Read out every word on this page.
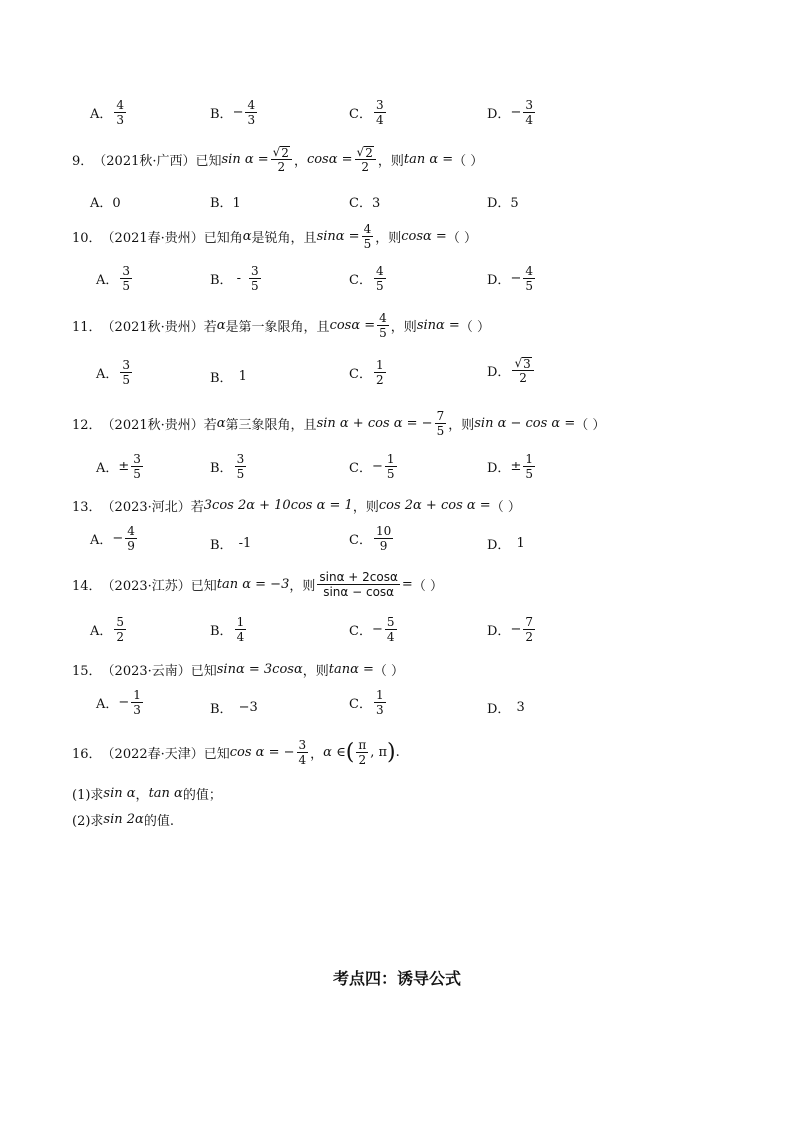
A． $\frac{4}{3}$	B． − $\frac{4}{3}$	C． $\frac{3}{4}$	D． − $\frac{3}{4}$
9． （2021秋·广西）已知 $\sin \alpha = \frac{√ 2}{2}$ ， $\cos\alpha = \frac{√ 2}{2}$ ，则 tan α = （ ）
A．0	B．1	C．3	D．5
10． （2021春·贵州）已知角 α 是锐角，且 $\sin\alpha = \frac{4}{5}$ ，则 cosα = （ ）
A． $\frac{3}{5}$	B． - $\frac{3}{5}$	C． $\frac{4}{5}$	D． − $\frac{4}{5}$
11． （2021秋·贵州）若 α 是第一象限角，且 $\cos\alpha = \frac{4}{5}$ ，则 sinα = （ ）
A． $\frac{3}{5}$	B． 1	C． $\frac{1}{2}$	D． $\frac{√ 3}{2}$
12． （2021秋·贵州）若 α 第三象限角，且 sin α + cos α = − $\frac{7}{5}$ ，则 sin α − cos α = （ ）
A． ± $\frac{3}{5}$	B． $\frac{3}{5}$	C． − $\frac{1}{5}$	D． ± $\frac{1}{5}$
13． （2023·河北）若 3cos 2α + 10cos α = 1 ，则 cos 2α + cos α = （ ）
A． − $\frac{4}{9}$	B． -1	C． $\frac{10}{9}$	D． 1
14． （2023·江苏）已知 tan α = −3 ，则 $\frac{\sin\alpha + 2\cos\alpha}{\sin\alpha - \cos\alpha}$ = （ ）
A． $\frac{5}{2}$	B． $\frac{1}{4}$	C． − $\frac{5}{4}$	D． − $\frac{7}{2}$
15． （2023·云南）已知 sinα = 3cosα ，则 tanα = （ ）
A． − $\frac{1}{3}$	B． −3	C． $\frac{1}{3}$	D． 3
16． （2022春·天津）已知 cos α = − $\frac{3}{4}$ ， α ∈ ( $\frac{\pi}{2}$ , π ) .
(1)求 sin α ， tan α 的值；
(2)求 sin 2α 的值.
考点四：诱导公式
